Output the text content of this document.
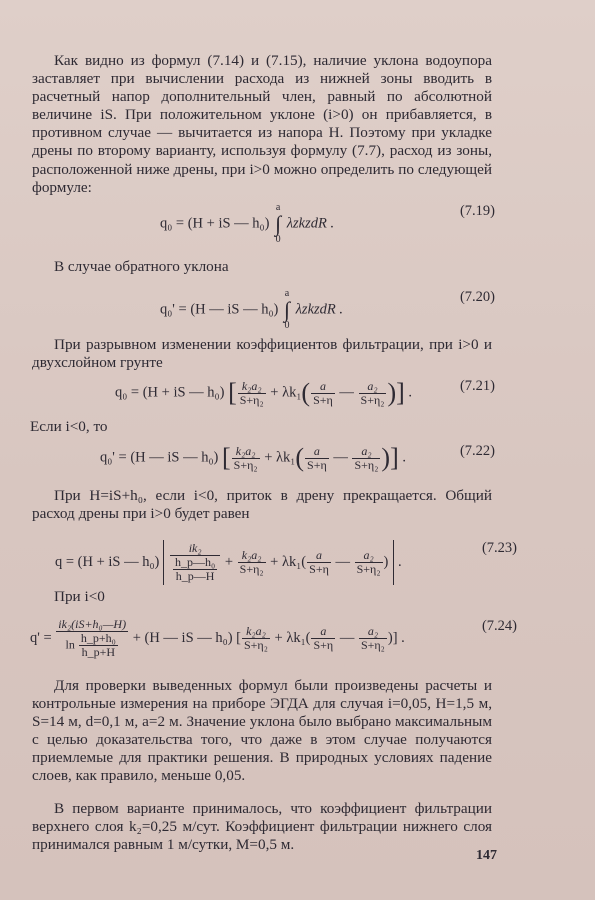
Как видно из формул (7.14) и (7.15), наличие уклона водоупора заставляет при вычислении расхода из нижней зоны вводить в расчетный напор дополнительный член, равный по абсолютной величине iS. При положительном уклоне (i>0) он прибавляется, в противном случае — вычитается из напора H. Поэтому при укладке дрены по второму варианту, используя формулу (7.7), расход из зоны, расположенной ниже дрены, при i>0 можно определить по следующей формуле:

q₀ = (H + iS — h₀) a
∫
0 λzkzdR .
(7.19)

В случае обратного уклона

q₀' = (H — iS — h₀) a
∫
0 λzkzdR .
(7.20)

При разрывном изменении коэффициентов фильтрации, при i>0 и двухслойном грунте

q₀ = (H + iS — h₀) [ $\frac{\text{k₂a₂}}{\text{S+η₂}} + \lambda k_1( \frac{a}{S+\eta}$ — $\frac{\text{a₂}}{\text{S+η₂}}$ )] .	(7.21)

Если i<0, то

q₀' = (H — iS — h₀) [ $\frac{\text{k₂a₂}}{\text{S+η₂}} + \lambda k_1( \frac{a}{S+\eta}$ — $\frac{\text{a₂}}{\text{S+η₂}}$ )] .	(7.22)

При H=iS+h₀, если i<0, приток в дрену прекращается. Общий расход дрены при i>0 будет равен

q = (H + iS — $h_0) \frac{\text{ik₂}}{\frac{\text{h\_p—h₀}}{h\_p—H}} + \frac{\text{k₂a₂}}{\text{S+η₂}} + \lambda k_1( \frac{a}{S+\eta}$ — $\frac{\text{a₂}}{\text{S+η₂}}$ ) .
(7.23)

При i<0

$q' = \frac{\text{ik₂(iS+h₀—H)}}{\ln \frac{\text{h\_p+h₀}}{h\_p+H}} + (H$ — iS — h₀) [ $\frac{\text{k₂a₂}}{\text{S+η₂}} + \lambda k_1( \frac{a}{S+\eta}$ — $\frac{\text{a₂}}{\text{S+η₂}}$ )] .
(7.24)

Для проверки выведенных формул были произведены расчеты и контрольные измерения на приборе ЭГДА для случая i=0,05, H=1,5 м, S=14 м, d=0,1 м, a=2 м. Значение уклона было выбрано максимальным с целью доказательства того, что даже в этом случае получаются приемлемые для практики решения. В природных условиях падение слоев, как правило, меньше 0,05.

В первом варианте принималось, что коэффициент фильтрации верхнего слоя k₂=0,25 м/сут. Коэффициент фильтрации нижнего слоя принимался равным 1 м/сутки, M=0,5 м.

147
